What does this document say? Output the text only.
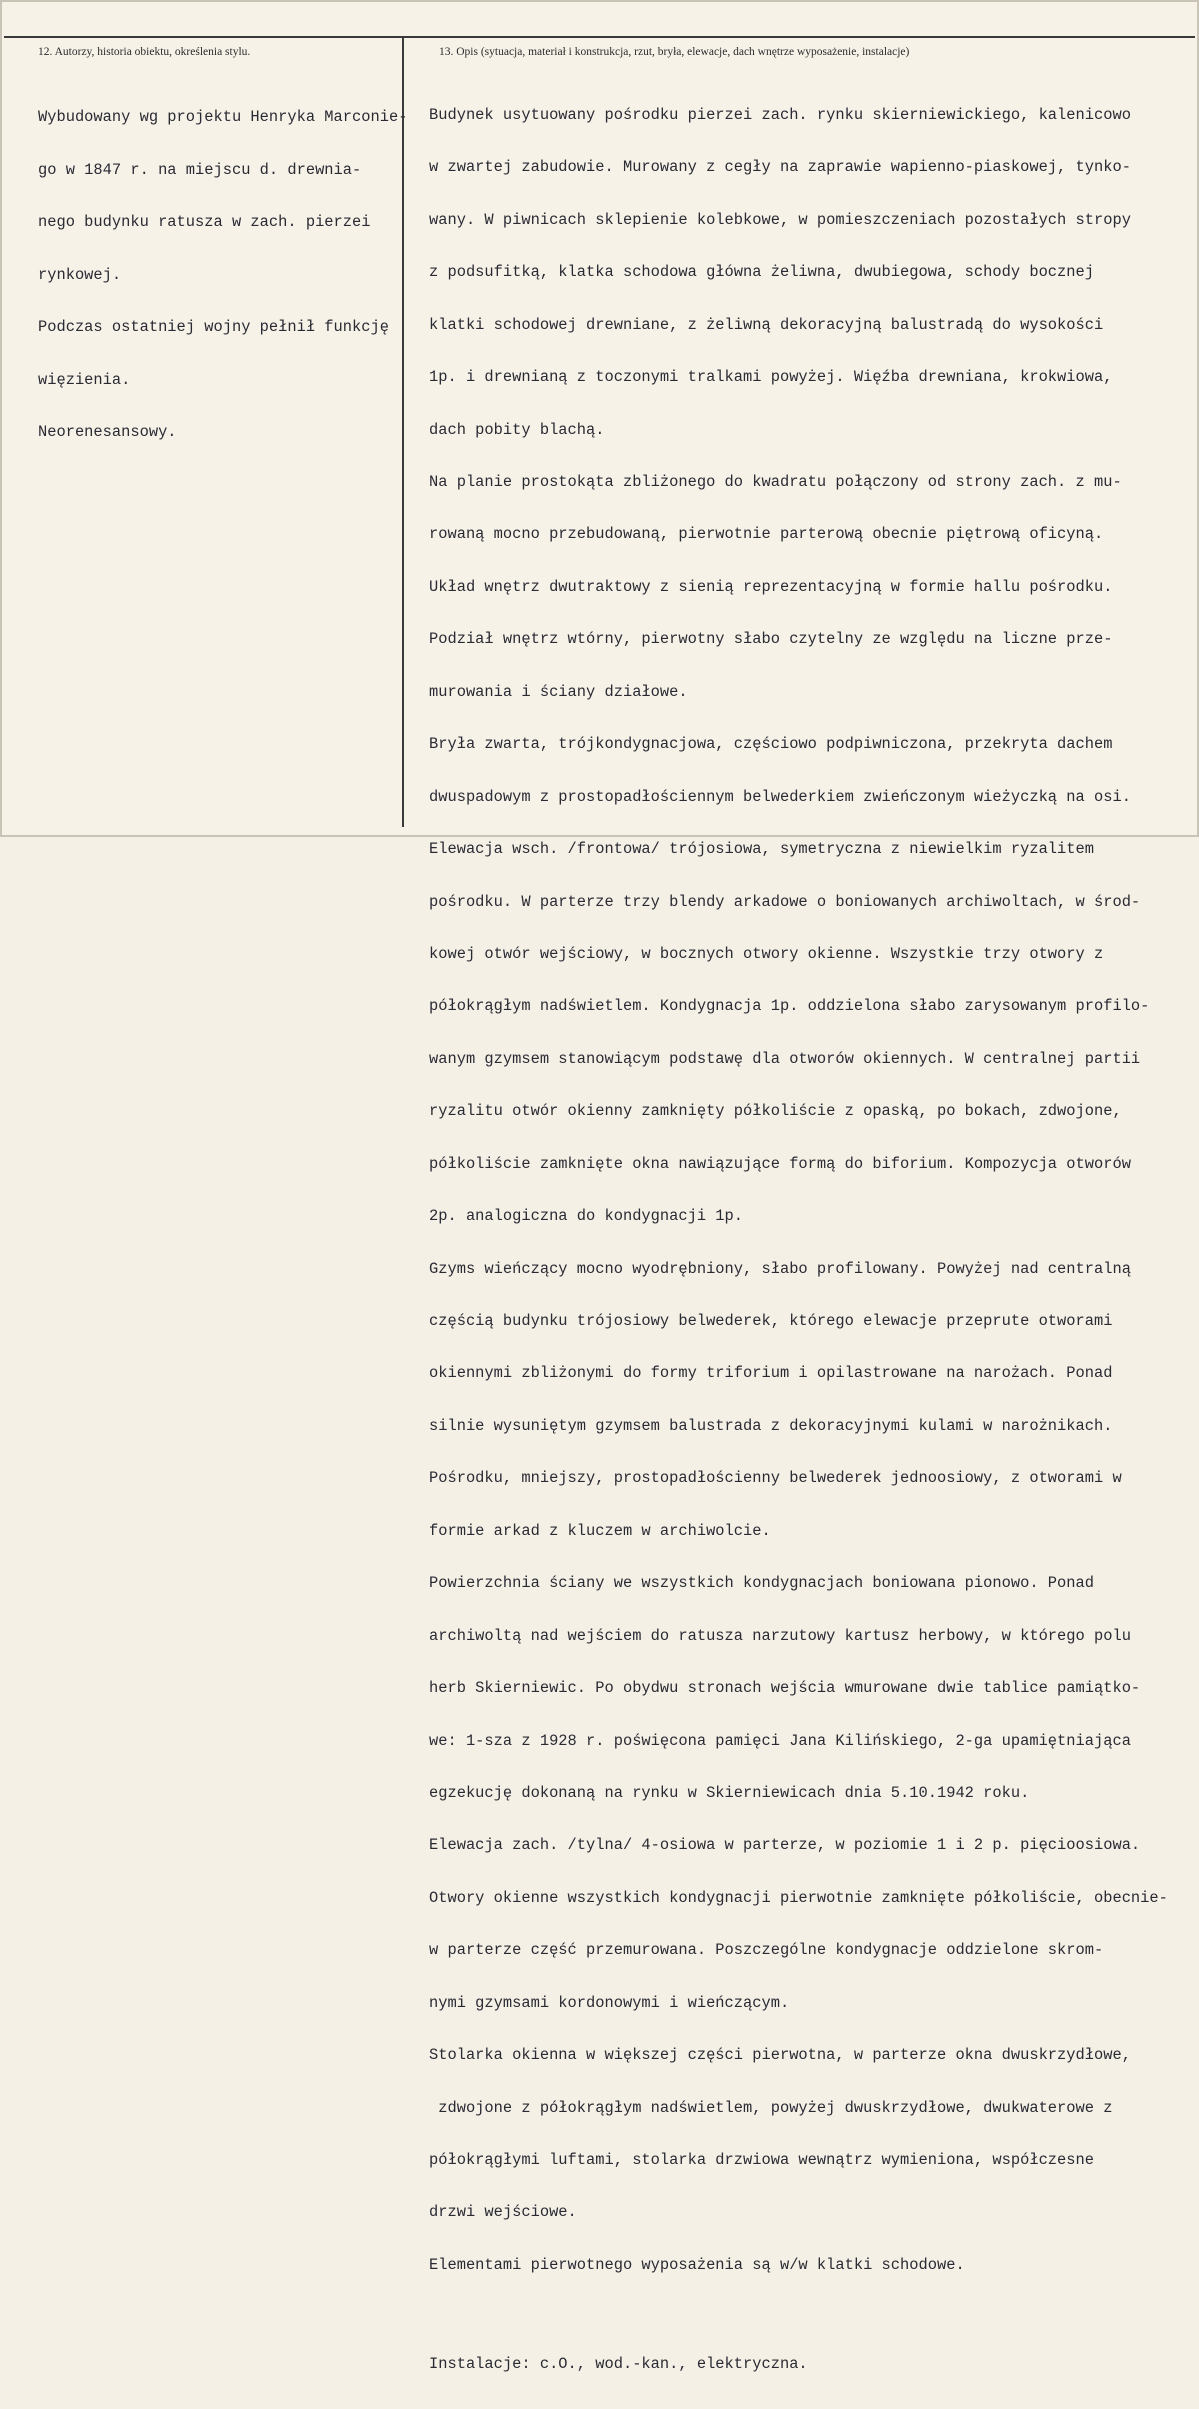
12. Autorzy, historia obiektu, określenia stylu.	13. Opis (sytuacja, materiał i konstrukcja, rzut, bryła, elewacje, dach wnętrze wyposażenie, instalacje)

Wybudowany wg projektu Henryka Marconie-

go w 1847 r. na miejscu d. drewnia-

nego budynku ratusza w zach. pierzei

rynkowej.

Podczas ostatniej wojny pełnił funkcję

więzienia.

Neorenesansowy.

Budynek usytuowany pośrodku pierzei zach. rynku skierniewickiego, kalenicowo

w zwartej zabudowie. Murowany z cegły na zaprawie wapienno-piaskowej, tynko-

wany. W piwnicach sklepienie kolebkowe, w pomieszczeniach pozostałych stropy

z podsufitką, klatka schodowa główna żeliwna, dwubiegowa, schody bocznej

klatki schodowej drewniane, z żeliwną dekoracyjną balustradą do wysokości

1p. i drewnianą z toczonymi tralkami powyżej. Więźba drewniana, krokwiowa,

dach pobity blachą.

Na planie prostokąta zbliżonego do kwadratu połączony od strony zach. z mu-

rowaną mocno przebudowaną, pierwotnie parterową obecnie piętrową oficyną.

Układ wnętrz dwutraktowy z sienią reprezentacyjną w formie hallu pośrodku.

Podział wnętrz wtórny, pierwotny słabo czytelny ze względu na liczne prze-

murowania i ściany działowe.

Bryła zwarta, trójkondygnacjowa, częściowo podpiwniczona, przekryta dachem

dwuspadowym z prostopadłościennym belwederkiem zwieńczonym wieżyczką na osi.

Elewacja wsch. /frontowa/ trójosiowa, symetryczna z niewielkim ryzalitem

pośrodku. W parterze trzy blendy arkadowe o boniowanych archiwoltach, w środ-

kowej otwór wejściowy, w bocznych otwory okienne. Wszystkie trzy otwory z

półokrągłym nadświetlem. Kondygnacja 1p. oddzielona słabo zarysowanym profilo-

wanym gzymsem stanowiącym podstawę dla otworów okiennych. W centralnej partii

ryzalitu otwór okienny zamknięty półkoliście z opaską, po bokach, zdwojone,

półkoliście zamknięte okna nawiązujące formą do biforium. Kompozycja otworów

2p. analogiczna do kondygnacji 1p.

Gzyms wieńczący mocno wyodrębniony, słabo profilowany. Powyżej nad centralną

częścią budynku trójosiowy belwederek, którego elewacje przeprute otworami

okiennymi zbliżonymi do formy triforium i opilastrowane na narożach. Ponad

silnie wysuniętym gzymsem balustrada z dekoracyjnymi kulami w narożnikach.

Pośrodku, mniejszy, prostopadłościenny belwederek jednoosiowy, z otworami w

formie arkad z kluczem w archiwolcie.

Powierzchnia ściany we wszystkich kondygnacjach boniowana pionowo. Ponad

archiwoltą nad wejściem do ratusza narzutowy kartusz herbowy, w którego polu

herb Skierniewic. Po obydwu stronach wejścia wmurowane dwie tablice pamiątko-

we: 1-sza z 1928 r. poświęcona pamięci Jana Kilińskiego, 2-ga upamiętniająca

egzekucję dokonaną na rynku w Skierniewicach dnia 5.10.1942 roku.

Elewacja zach. /tylna/ 4-osiowa w parterze, w poziomie 1 i 2 p. pięcioosiowa.

Otwory okienne wszystkich kondygnacji pierwotnie zamknięte półkoliście, obecnie-

w parterze część przemurowana. Poszczególne kondygnacje oddzielone skrom-

nymi gzymsami kordonowymi i wieńczącym.

Stolarka okienna w większej części pierwotna, w parterze okna dwuskrzydłowe,

zdwojone z półokrągłym nadświetlem, powyżej dwuskrzydłowe, dwukwaterowe z

półokrągłymi luftami, stolarka drzwiowa wewnątrz wymieniona, współczesne

drzwi wejściowe.

Elementami pierwotnego wyposażenia są w/w klatki schodowe.

Instalacje: c.O., wod.-kan., elektryczna.
